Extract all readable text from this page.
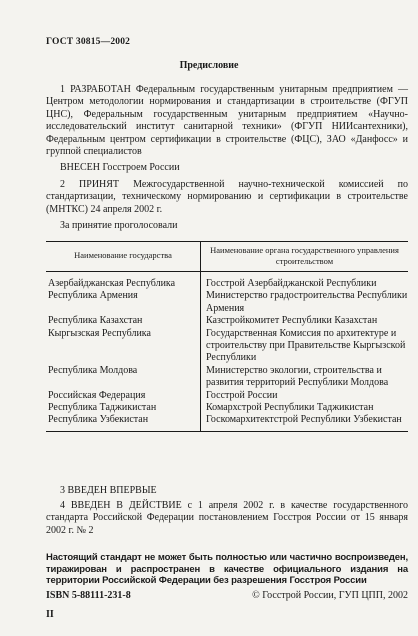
ГОСТ 30815—2002
Предисловие
1 РАЗРАБОТАН Федеральным государственным унитарным предприятием — Центром методологии нормирования и стандартизации в строительстве (ФГУП ЦНС), Федеральным государственным унитарным предприятием «Научно-исследовательский институт санитарной техники» (ФГУП НИИсантехники), Федеральным центром сертификации в строительстве (ФЦС), ЗАО «Данфосс» и группой специалистов
ВНЕСЕН Госстроем России
2 ПРИНЯТ Межгосударственной научно-технической комиссией по стандартизации, техническому нормированию и сертификации в строительстве (МНТКС) 24 апреля 2002 г.
За принятие проголосовали
Наименование государства	Наименование органа государственного управления строительством
Азербайджанская Республика	Госстрой Азербайджанской Республики
Республика Армения	Министерство градостроительства Республики Армения
Республика Казахстан	Казстройкомитет Республики Казахстан
Кыргызская Республика	Государственная Комиссия по архитектуре и строительству при Правительстве Кыргызской Республики
Республика Молдова	Министерство экологии, строительства и развития территорий Республики Молдова
Российская Федерация	Госстрой России
Республика Таджикистан	Комархстрой Республики Таджикистан
Республика Узбекистан	Госкомархитектстрой Республики Узбекистан
3 ВВЕДЕН ВПЕРВЫЕ
4 ВВЕДЕН В ДЕЙСТВИЕ с 1 апреля 2002 г. в качестве государственного стандарта Российской Федерации постановлением Госстроя России от 15 января 2002 г. № 2
Настоящий стандарт не может быть полностью или частично воспроизведен, тиражирован и распространен в качестве официального издания на территории Российской Федерации без разрешения Госстроя России
ISBN 5-88111-231-8	© Госстрой России, ГУП ЦПП, 2002
II
